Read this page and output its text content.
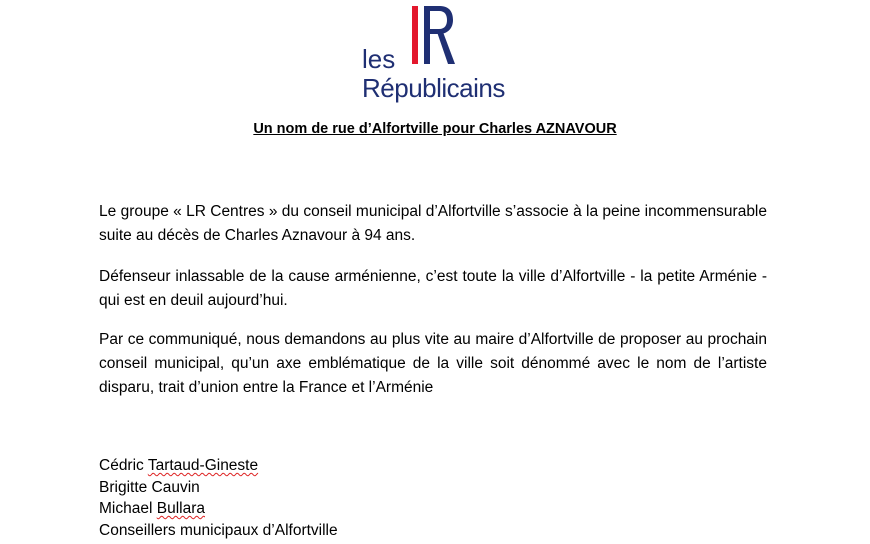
les
Républicains
Un nom de rue d’Alfortville pour Charles AZNAVOUR

Le groupe « LR Centres » du conseil municipal d’Alfortville s’associe à la peine incommensurable suite au décès de Charles Aznavour à 94 ans.

Défenseur inlassable de la cause arménienne, c’est toute la ville d’Alfortville - la petite Arménie - qui est en deuil aujourd’hui.

Par ce communiqué, nous demandons au plus vite au maire d’Alfortville de proposer au prochain conseil municipal, qu’un axe emblématique de la ville soit dénommé avec le nom de l’artiste disparu, trait d’union entre la France et l’Arménie

Cédric Tartaud-Gineste
Brigitte Cauvin
Michael Bullara
Conseillers municipaux d’Alfortville
